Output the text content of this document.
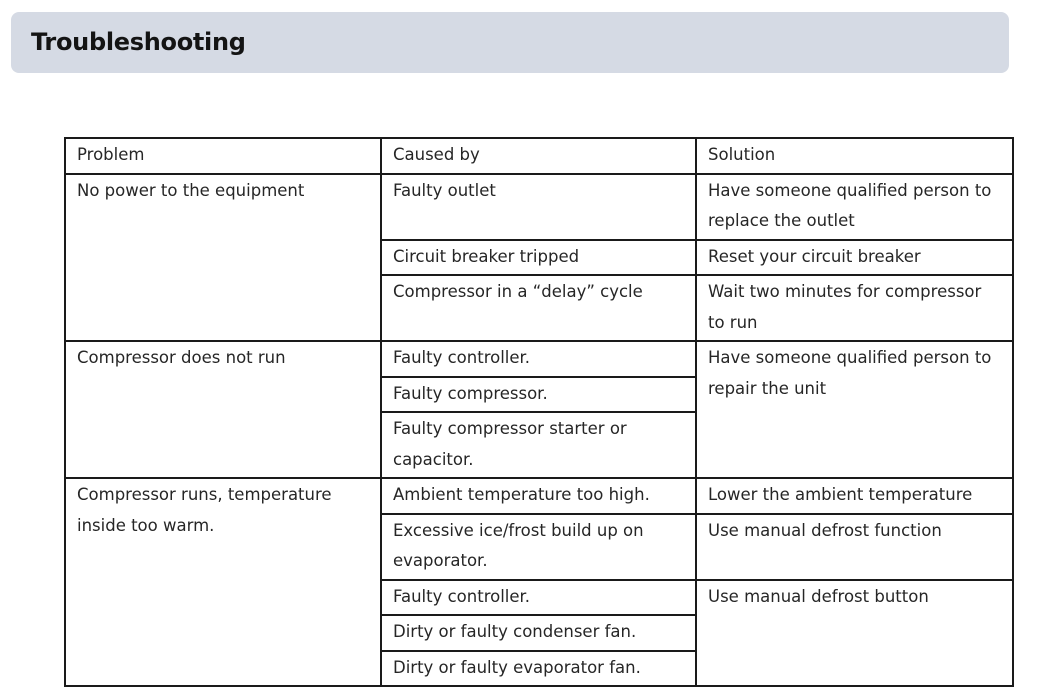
Troubleshooting
Problem	Caused by	Solution
No power to the equipment	Faulty outlet	Have someone qualified person to replace the outlet
	Circuit breaker tripped	Reset your circuit breaker
	Compressor in a “delay” cycle	Wait two minutes for compressor to run
Compressor does not run	Faulty controller.	Have someone qualified person to repair the unit
	Faulty compressor.	
	Faulty compressor starter or capacitor.	
Compressor runs, temperature inside too warm.	Ambient temperature too high.	Lower the ambient temperature
	Excessive ice/frost build up on evaporator.	Use manual defrost function
	Faulty controller.	Use manual defrost button
	Dirty or faulty condenser fan.	
	Dirty or faulty evaporator fan.	
